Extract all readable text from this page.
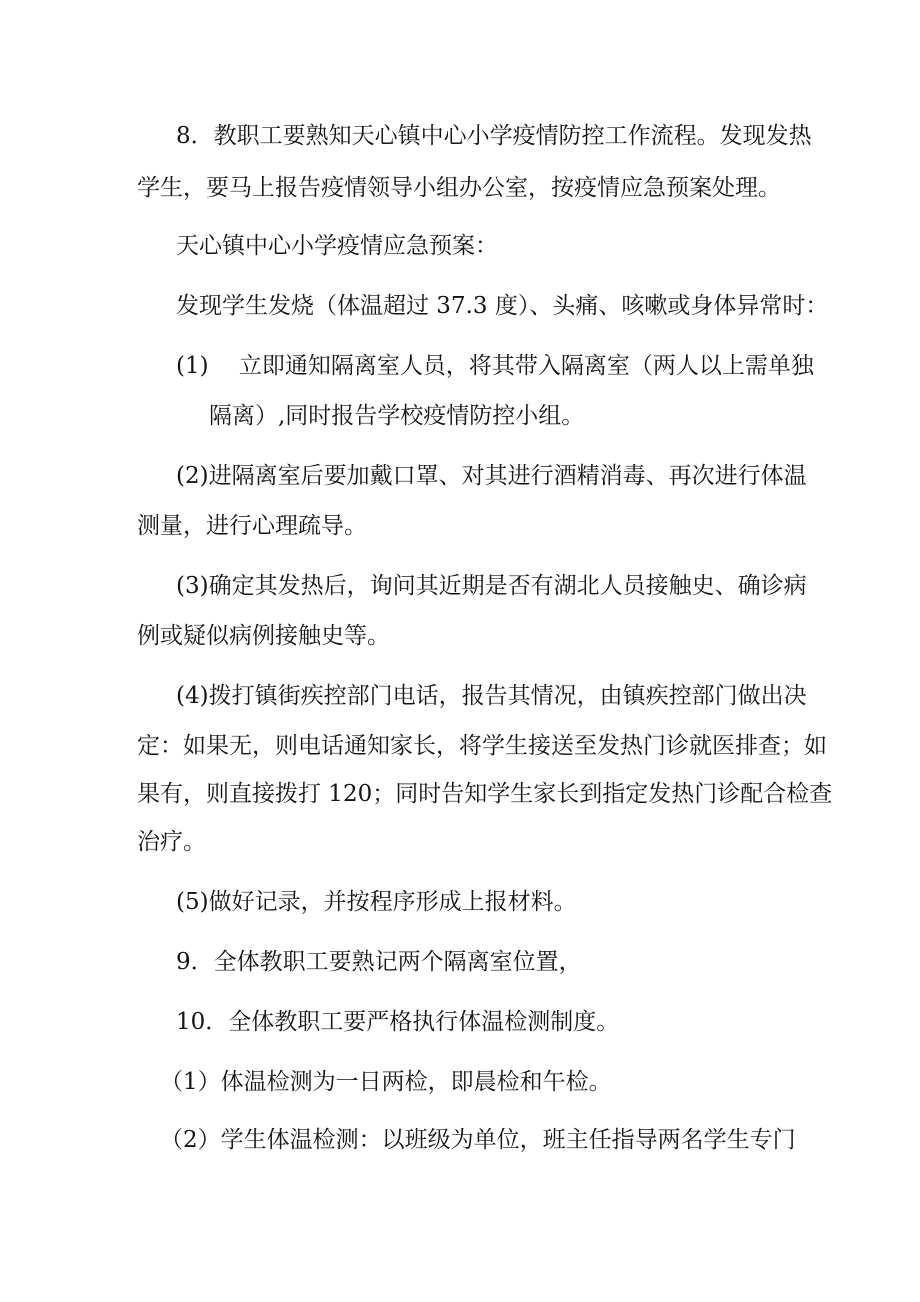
8．教职工要熟知天心镇中心小学疫情防控工作流程。发现发热

学生，要马上报告疫情领导小组办公室，按疫情应急预案处理。

天心镇中心小学疫情应急预案：

发现学生发烧（体温超过 37.3 度）、头痛、咳嗽或身体异常时：

(1)　 立即通知隔离室人员，将其带入隔离室（两人以上需单独

隔离）,同时报告学校疫情防控小组。

(2)进隔离室后要加戴口罩、对其进行酒精消毒、再次进行体温

测量，进行心理疏导。

(3)确定其发热后，询问其近期是否有湖北人员接触史、确诊病

例或疑似病例接触史等。

(4)拨打镇街疾控部门电话，报告其情况，由镇疾控部门做出决

定：如果无，则电话通知家长，将学生接送至发热门诊就医排查；如

果有，则直接拨打 120；同时告知学生家长到指定发热门诊配合检查

治疗。

(5)做好记录，并按程序形成上报材料。

9．全体教职工要熟记两个隔离室位置，

10．全体教职工要严格执行体温检测制度。

（1）体温检测为一日两检，即晨检和午检。

（2）学生体温检测：以班级为单位，班主任指导两名学生专门
